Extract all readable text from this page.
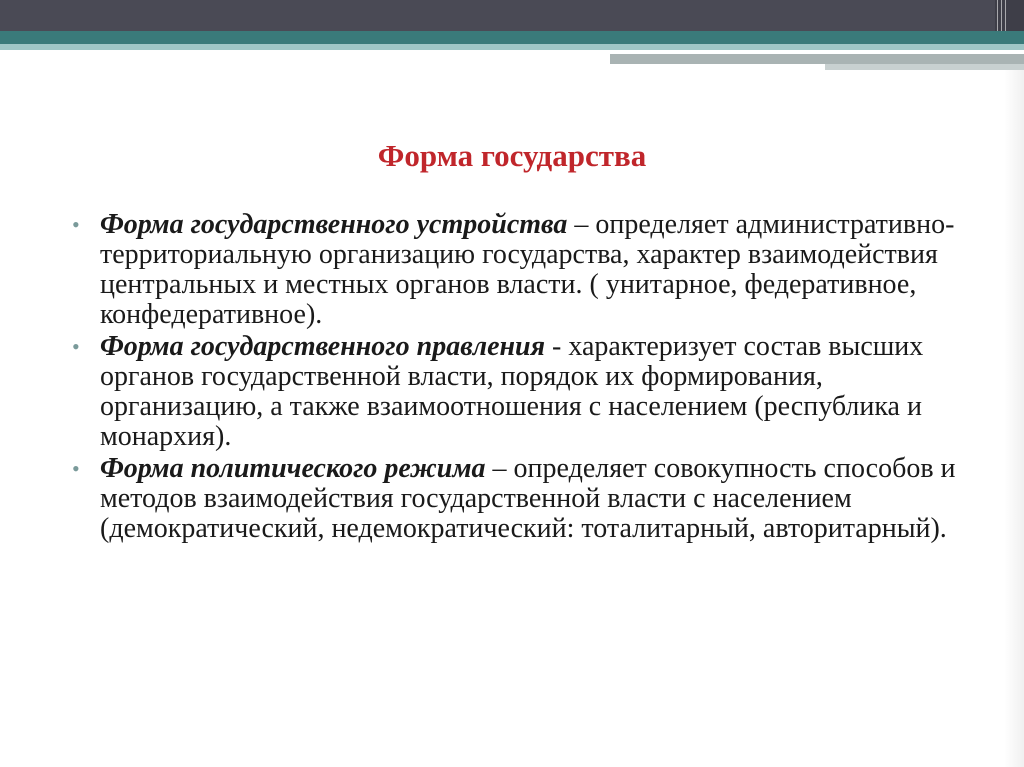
Форма государства

• Форма государственного устройства – определяет административно-территориальную организацию государства, характер взаимодействия центральных и местных органов власти. ( унитарное, федеративное, конфедеративное).

• Форма государственного правления - характеризует состав высших органов государственной власти, порядок их формирования, организацию, а также взаимоотношения с населением (республика и монархия).

• Форма политического режима – определяет совокупность способов и методов взаимодействия государственной власти с населением (демократический, недемократический: тоталитарный, авторитарный).
